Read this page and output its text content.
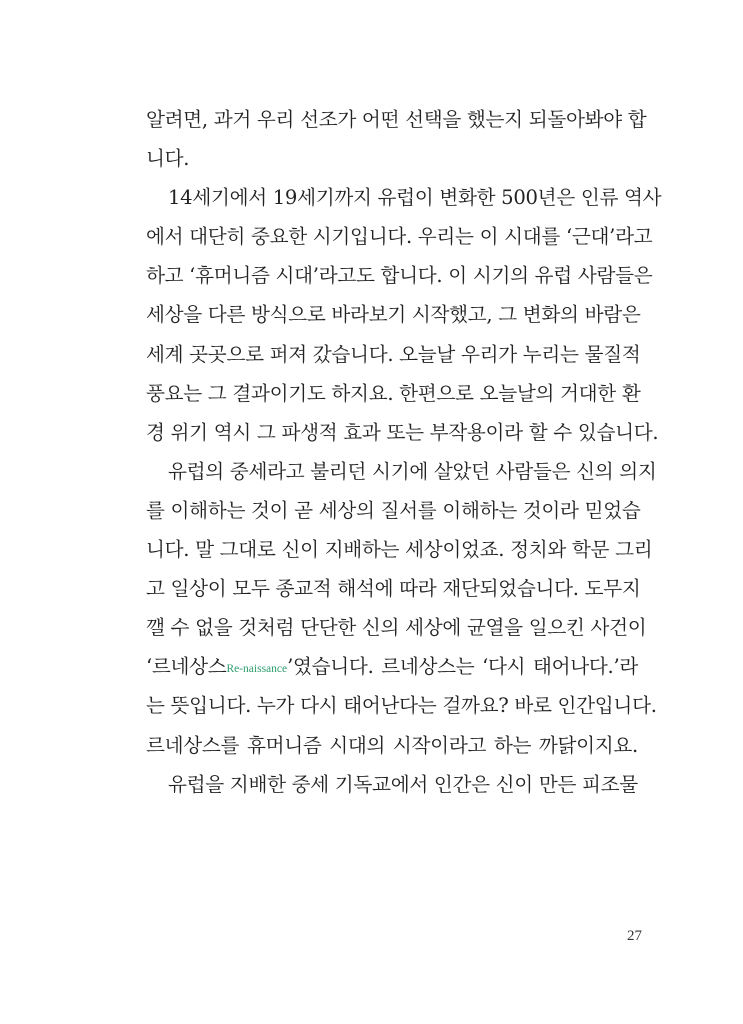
알려면, 과거 우리 선조가 어떤 선택을 했는지 되돌아봐야 합
니다.
14세기에서 19세기까지 유럽이 변화한 500년은 인류 역사
에서 대단히 중요한 시기입니다. 우리는 이 시대를 ‘근대’라고
하고 ‘휴머니즘 시대’라고도 합니다. 이 시기의 유럽 사람들은
세상을 다른 방식으로 바라보기 시작했고, 그 변화의 바람은
세계 곳곳으로 퍼져 갔습니다. 오늘날 우리가 누리는 물질적
풍요는 그 결과이기도 하지요. 한편으로 오늘날의 거대한 환
경 위기 역시 그 파생적 효과 또는 부작용이라 할 수 있습니다.
유럽의 중세라고 불리던 시기에 살았던 사람들은 신의 의지
를 이해하는 것이 곧 세상의 질서를 이해하는 것이라 믿었습
니다. 말 그대로 신이 지배하는 세상이었죠. 정치와 학문 그리
고 일상이 모두 종교적 해석에 따라 재단되었습니다. 도무지
깰 수 없을 것처럼 단단한 신의 세상에 균열을 일으킨 사건이
‘르네상스Re-naissance’였습니다. 르네상스는 ‘다시 태어나다.’라
는 뜻입니다. 누가 다시 태어난다는 걸까요? 바로 인간입니다.
르네상스를 휴머니즘 시대의 시작이라고 하는 까닭이지요.
유럽을 지배한 중세 기독교에서 인간은 신이 만든 피조물
27
